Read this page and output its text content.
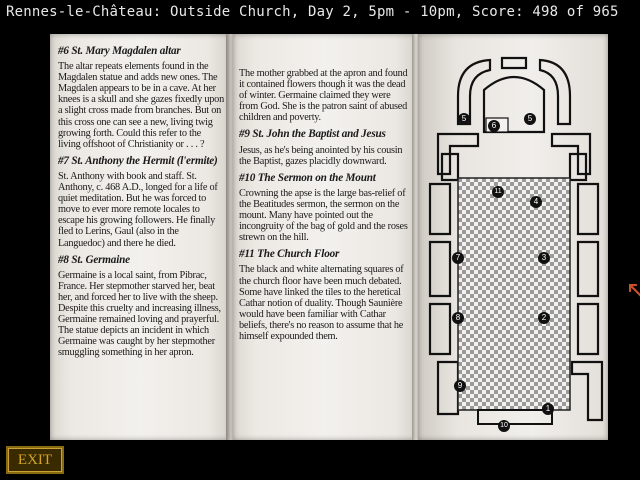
Rennes-le-Château: Outside Church, Day 2, 5pm - 10pm, Score: 498 of 965
#6 St. Mary Magdalen altar
The altar repeats elements found in the Magdalen statue and adds new ones. The Magdalen appears to be in a cave. At her knees is a skull and she gazes fixedly upon a slight cross made from branches. But on this cross one can see a new, living twig growing forth. Could this refer to the living offshoot of Christianity or . . . ?
#7 St. Anthony the Hermit (l'ermite)
St. Anthony with book and staff. St. Anthony, c. 468 A.D., longed for a life of quiet meditation. But he was forced to move to ever more remote locales to escape his growing followers. He finally fled to Lerins, Gaul (also in the Languedoc) and there he died.
#8 St. Germaine
Germaine is a local saint, from Pibrac, France. Her stepmother starved her, beat her, and forced her to live with the sheep. Despite this cruelty and increasing illness, Germaine remained loving and prayerful. The statue depicts an incident in which Germaine was caught by her stepmother smuggling something in her apron.
The mother grabbed at the apron and found it contained flowers though it was the dead of winter. Germaine claimed they were from God. She is the patron saint of abused children and poverty.
#9 St. John the Baptist and Jesus
Jesus, as he's being anointed by his cousin the Baptist, gazes placidly downward.
#10 The Sermon on the Mount
Crowning the apse is the large bas-relief of the Beatitudes sermon, the sermon on the mount. Many have pointed out the incongruity of the bag of gold and the roses strewn on the hill.
#11 The Church Floor
The black and white alternating squares of the church floor have been much debated. Some have linked the tiles to the heretical Cathar notion of duality. Though Saunière would have been familiar with Cathar beliefs, there's no reason to assume that he himself expounded them.
5
6
5
11
4
7	3
8	2
9
1
10
EXIT
